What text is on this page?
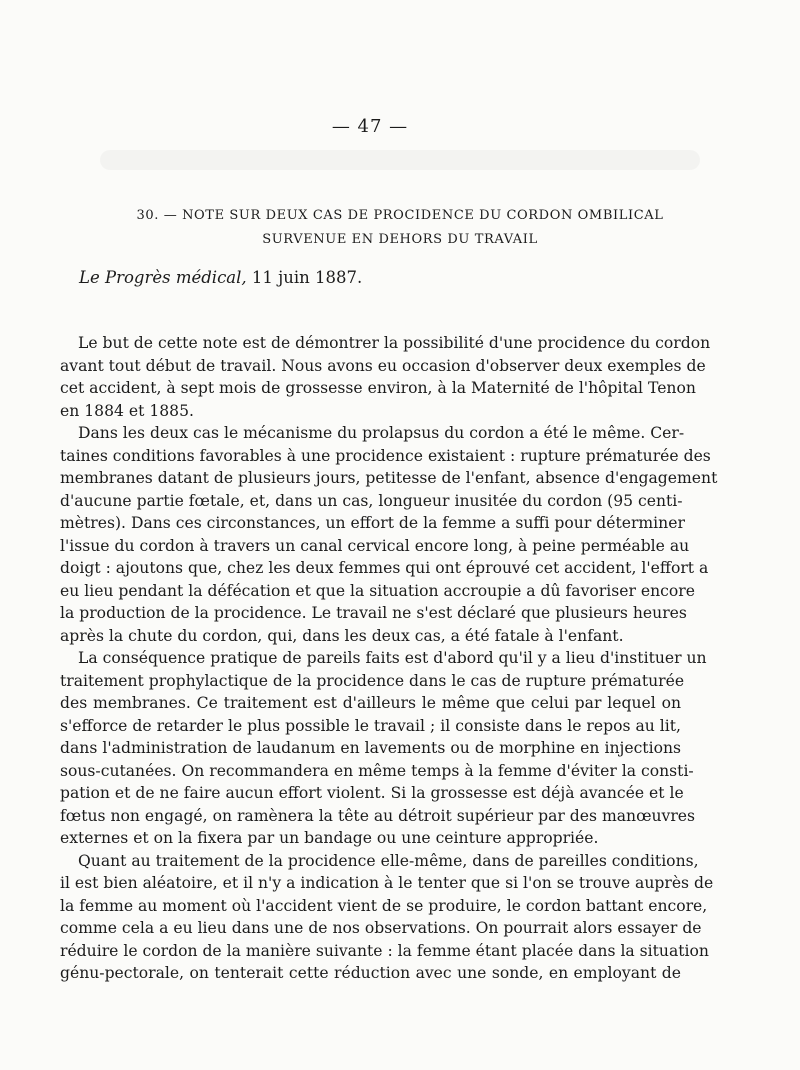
— 47 —
30. — NOTE SUR DEUX CAS DE PROCIDENCE DU CORDON OMBILICAL
SURVENUE EN DEHORS DU TRAVAIL
Le Progrès médical, 11 juin 1887.

Le but de cette note est de démontrer la possibilité d'une procidence du cordon
avant tout début de travail. Nous avons eu occasion d'observer deux exemples de
cet accident, à sept mois de grossesse environ, à la Maternité de l'hôpital Tenon
en 1884 et 1885.

Dans les deux cas le mécanisme du prolapsus du cordon a été le même. Cer-
taines conditions favorables à une procidence existaient : rupture prématurée des
membranes datant de plusieurs jours, petitesse de l'enfant, absence d'engagement
d'aucune partie fœtale, et, dans un cas, longueur inusitée du cordon (95 centi-
mètres). Dans ces circonstances, un effort de la femme a suffi pour déterminer
l'issue du cordon à travers un canal cervical encore long, à peine perméable au
doigt : ajoutons que, chez les deux femmes qui ont éprouvé cet accident, l'effort a
eu lieu pendant la défécation et que la situation accroupie a dû favoriser encore
la production de la procidence. Le travail ne s'est déclaré que plusieurs heures
après la chute du cordon, qui, dans les deux cas, a été fatale à l'enfant.

La conséquence pratique de pareils faits est d'abord qu'il y a lieu d'instituer un
traitement prophylactique de la procidence dans le cas de rupture prématurée
des membranes. Ce traitement est d'ailleurs le même que celui par lequel on
s'efforce de retarder le plus possible le travail ; il consiste dans le repos au lit,
dans l'administration de laudanum en lavements ou de morphine en injections
sous-cutanées. On recommandera en même temps à la femme d'éviter la consti-
pation et de ne faire aucun effort violent. Si la grossesse est déjà avancée et le
fœtus non engagé, on ramènera la tête au détroit supérieur par des manœuvres
externes et on la fixera par un bandage ou une ceinture appropriée.

Quant au traitement de la procidence elle-même, dans de pareilles conditions,
il est bien aléatoire, et il n'y a indication à le tenter que si l'on se trouve auprès de
la femme au moment où l'accident vient de se produire, le cordon battant encore,
comme cela a eu lieu dans une de nos observations. On pourrait alors essayer de
réduire le cordon de la manière suivante : la femme étant placée dans la situation
génu-pectorale, on tenterait cette réduction avec une sonde, en employant de
